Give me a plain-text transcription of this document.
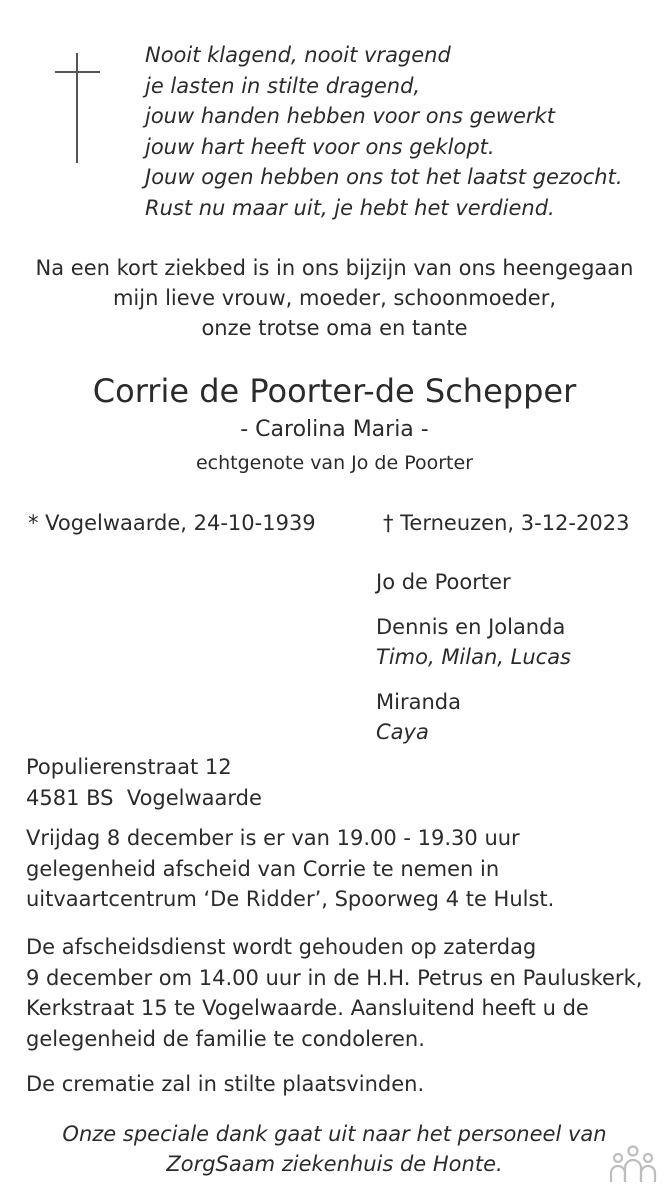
Nooit klagend, nooit vragend
je lasten in stilte dragend,
jouw handen hebben voor ons gewerkt
jouw hart heeft voor ons geklopt.
Jouw ogen hebben ons tot het laatst gezocht.
Rust nu maar uit, je hebt het verdiend.
Na een kort ziekbed is in ons bijzijn van ons heengegaan
mijn lieve vrouw, moeder, schoonmoeder,
onze trotse oma en tante
Corrie de Poorter-de Schepper
- Carolina Maria -
echtgenote van Jo de Poorter
* Vogelwaarde, 24-10-1939	† Terneuzen, 3-12-2023
Jo de Poorter
Dennis en Jolanda
Timo, Milan, Lucas
Miranda
Caya
Populierenstraat 12
4581 BS  Vogelwaarde
Vrijdag 8 december is er van 19.00 - 19.30 uur
gelegenheid afscheid van Corrie te nemen in
uitvaartcentrum ‘De Ridder’, Spoorweg 4 te Hulst.
De afscheidsdienst wordt gehouden op zaterdag
9 december om 14.00 uur in de H.H. Petrus en Pauluskerk,
Kerkstraat 15 te Vogelwaarde. Aansluitend heeft u de
gelegenheid de familie te condoleren.
De crematie zal in stilte plaatsvinden.
Onze speciale dank gaat uit naar het personeel van
ZorgSaam ziekenhuis de Honte.
